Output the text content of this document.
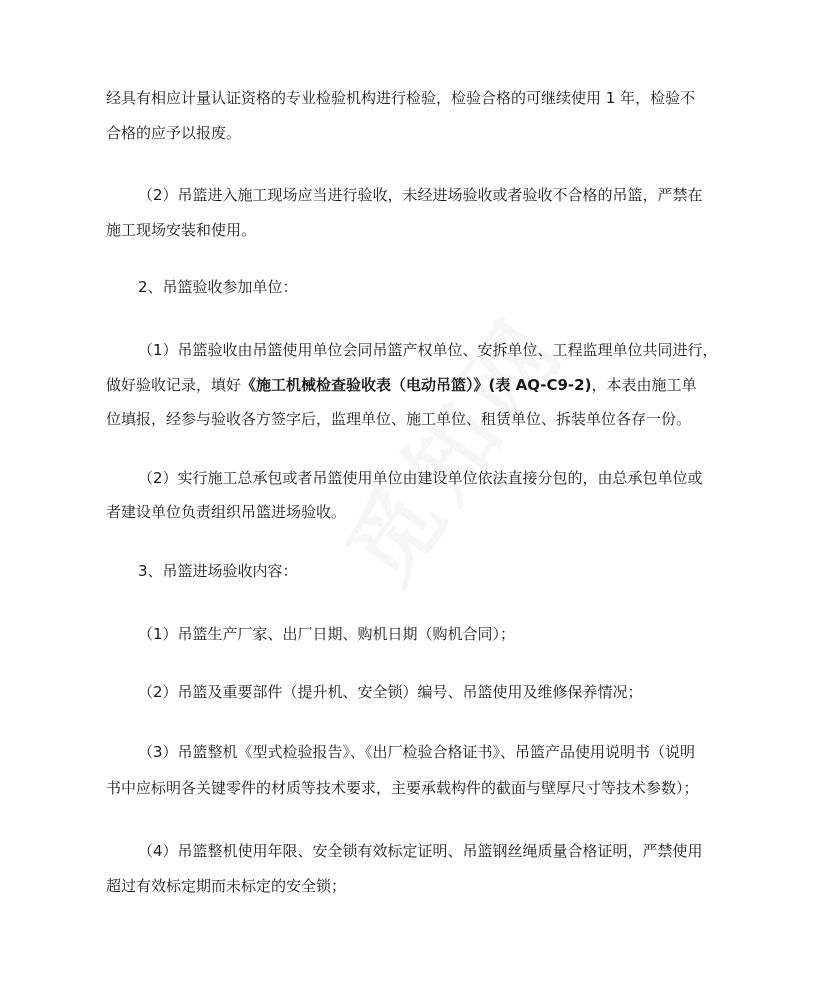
经具有相应计量认证资格的专业检验机构进行检验，检验合格的可继续使用 1 年，检验不
合格的应予以报废。
（2）吊篮进入施工现场应当进行验收，未经进场验收或者验收不合格的吊篮，严禁在
施工现场安装和使用。
2、吊篮验收参加单位：
（1）吊篮验收由吊篮使用单位会同吊篮产权单位、安拆单位、工程监理单位共同进行，
做好验收记录，填好《施工机械检查验收表（电动吊篮）》(表 AQ-C9-2)，本表由施工单
位填报，经参与验收各方签字后，监理单位、施工单位、租赁单位、拆装单位各存一份。
（2）实行施工总承包或者吊篮使用单位由建设单位依法直接分包的，由总承包单位或
者建设单位负责组织吊篮进场验收。
3、吊篮进场验收内容：
（1）吊篮生产厂家、出厂日期、购机日期（购机合同）；
（2）吊篮及重要部件（提升机、安全锁）编号、吊篮使用及维修保养情况；
（3）吊篮整机《型式检验报告》、《出厂检验合格证书》、吊篮产品使用说明书（说明
书中应标明各关键零件的材质等技术要求，主要承载构件的截面与壁厚尺寸等技术参数）；
（4）吊篮整机使用年限、安全锁有效标定证明、吊篮钢丝绳质量合格证明，严禁使用
超过有效标定期而未标定的安全锁；
